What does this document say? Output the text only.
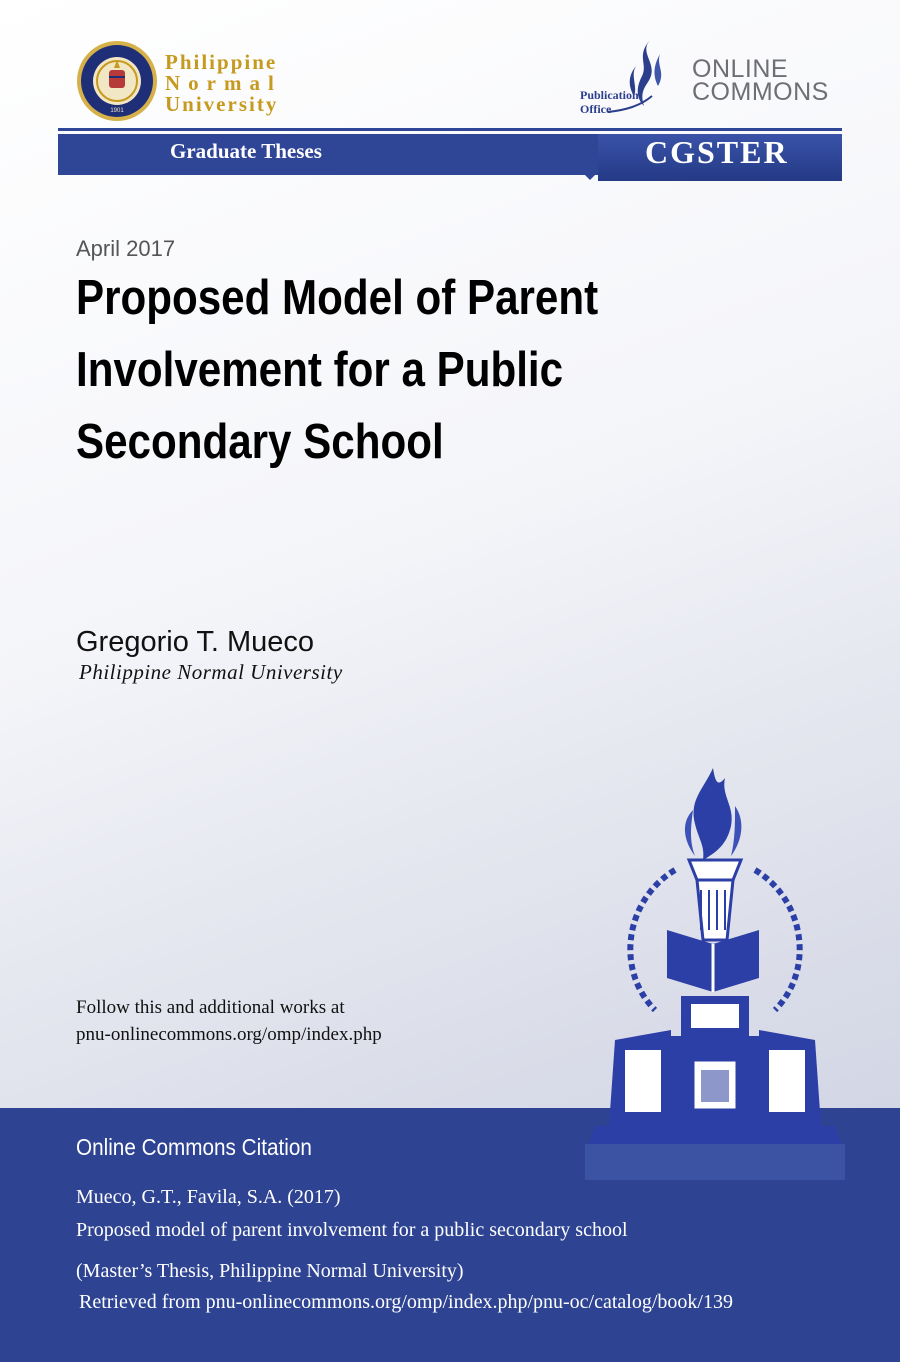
1901
Philippine
Normal
University	Publication
Office
ONLINE
COMMONS
Graduate Theses	CGSTER
April 2017
Proposed Model of Parent
Involvement for a Public
Secondary School
Gregorio T. Mueco
Philippine Normal University
Follow this and additional works at
pnu-onlinecommons.org/omp/index.php
Online Commons Citation
Mueco, G.T., Favila, S.A. (2017)
Proposed model of parent involvement for a public secondary school
(Master’s Thesis, Philippine Normal University)
Retrieved from pnu-onlinecommons.org/omp/index.php/pnu-oc/catalog/book/139
